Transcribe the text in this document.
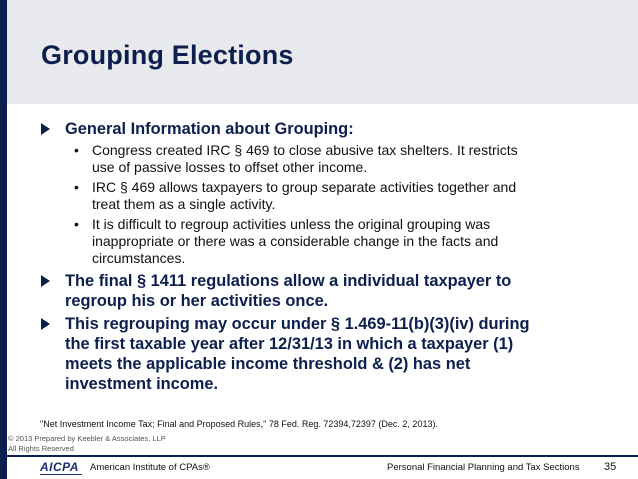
Grouping Elections
General Information about Grouping:
• Congress created IRC § 469 to close abusive tax shelters. It restricts
use of passive losses to offset other income.
• IRC § 469 allows taxpayers to group separate activities together and
treat them as a single activity.
• It is difficult to regroup activities unless the original grouping was
inappropriate or there was a considerable change in the facts and
circumstances.
The final § 1411 regulations allow a individual taxpayer to
regroup his or her activities once.
This regrouping may occur under § 1.469-11(b)(3)(iv) during
the first taxable year after 12/31/13 in which a taxpayer (1)
meets the applicable income threshold & (2) has net
investment income.
"Net Investment Income Tax; Final and Proposed Rules," 78 Fed. Reg. 72394,72397 (Dec. 2, 2013).
© 2013 Prepared by Keebler & Associates, LLP
All Rights Reserved
AICPA American Institute of CPAs®	Personal Financial Planning and Tax Sections 35
